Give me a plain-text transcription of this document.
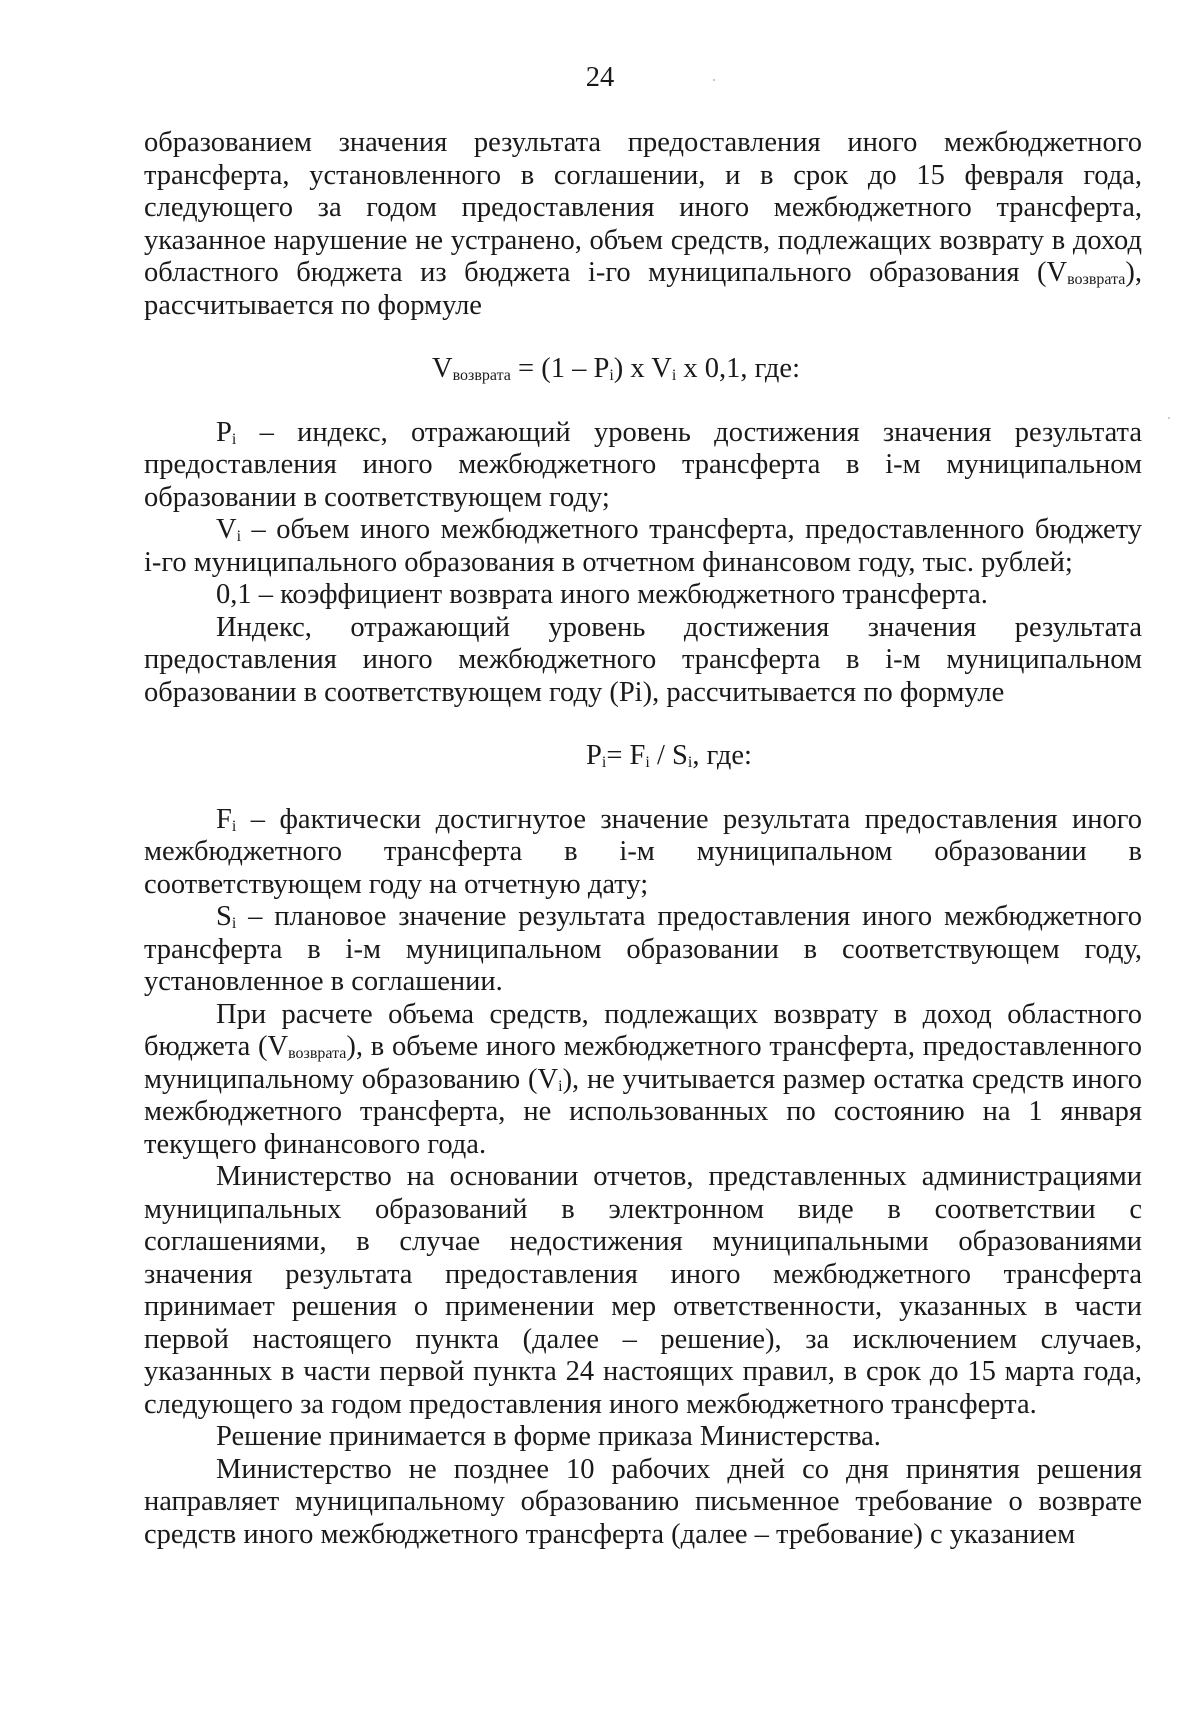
24

образованием значения результата предоставления иного межбюджетного трансферта, установленного в соглашении, и в срок до 15 февраля года, следующего за годом предоставления иного межбюджетного трансферта, указанное нарушение не устранено, объем средств, подлежащих возврату в доход областного бюджета из бюджета i-го муниципального образования $(V_{возврата})$, рассчитывается по формуле

$V_{возврата} = (1 - P_i)$ x $V_i$ x 0,1, где:

$P_i$ – индекс, отражающий уровень достижения значения результата предоставления иного межбюджетного трансферта в i-м муниципальном образовании в соответствующем году;

$V_i$ – объем иного межбюджетного трансферта, предоставленного бюджету i-го муниципального образования в отчетном финансовом году, тыс. рублей;

0,1 – коэффициент возврата иного межбюджетного трансферта.

Индекс, отражающий уровень достижения значения результата предоставления иного межбюджетного трансферта в i-м муниципальном образовании в соответствующем году (Pi), рассчитывается по формуле

$P_i= F_i / S_i$, где:

$F_i$ – фактически достигнутое значение результата предоставления иного межбюджетного трансферта в i-м муниципальном образовании в соответствующем году на отчетную дату;

$S_i$ – плановое значение результата предоставления иного межбюджетного трансферта в i-м муниципальном образовании в соответствующем году, установленное в соглашении.

При расчете объема средств, подлежащих возврату в доход областного бюджета $(V_{возврата})$, в объеме иного межбюджетного трансферта, предоставленного муниципальному образованию $(V_i)$, не учитывается размер остатка средств иного межбюджетного трансферта, не использованных по состоянию на 1 января текущего финансового года.

Министерство на основании отчетов, представленных администрациями муниципальных образований в электронном виде в соответствии с соглашениями, в случае недостижения муниципальными образованиями значения результата предоставления иного межбюджетного трансферта принимает решения о применении мер ответственности, указанных в части первой настоящего пункта (далее – решение), за исключением случаев, указанных в части первой пункта 24 настоящих правил, в срок до 15 марта года, следующего за годом предоставления иного межбюджетного трансферта.

Решение принимается в форме приказа Министерства.

Министерство не позднее 10 рабочих дней со дня принятия решения направляет муниципальному образованию письменное требование о возврате средств иного межбюджетного трансферта (далее – требование) с указанием
